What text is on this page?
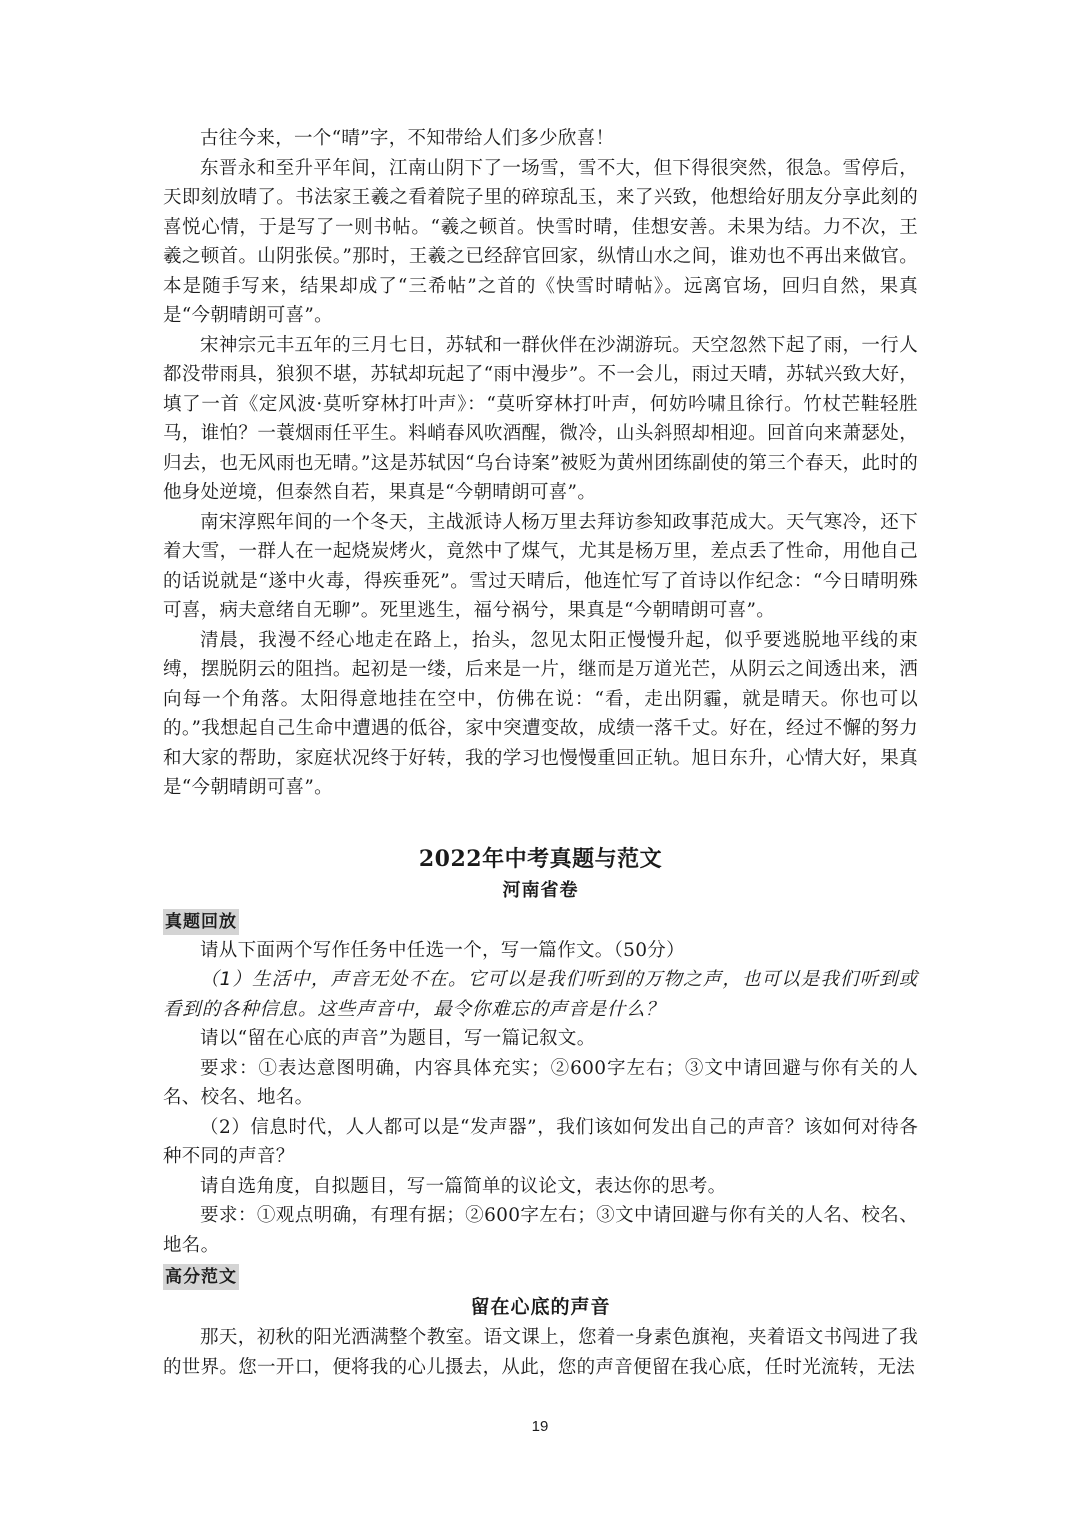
古往今来，一个“晴”字，不知带给人们多少欣喜！

东晋永和至升平年间，江南山阴下了一场雪，雪不大，但下得很突然，很急。雪停后，天即刻放晴了。书法家王羲之看着院子里的碎琼乱玉，来了兴致，他想给好朋友分享此刻的喜悦心情，于是写了一则书帖。“羲之顿首。快雪时晴，佳想安善。未果为结。力不次，王羲之顿首。山阴张侯。”那时，王羲之已经辞官回家，纵情山水之间，谁劝也不再出来做官。本是随手写来，结果却成了“三希帖”之首的《快雪时晴帖》。远离官场，回归自然，果真是“今朝晴朗可喜”。

宋神宗元丰五年的三月七日，苏轼和一群伙伴在沙湖游玩。天空忽然下起了雨，一行人都没带雨具，狼狈不堪，苏轼却玩起了“雨中漫步”。不一会儿，雨过天晴，苏轼兴致大好，填了一首《定风波·莫听穿林打叶声》：“莫听穿林打叶声，何妨吟啸且徐行。竹杖芒鞋轻胜马，谁怕？一蓑烟雨任平生。料峭春风吹酒醒，微冷，山头斜照却相迎。回首向来萧瑟处，归去，也无风雨也无晴。”这是苏轼因“乌台诗案”被贬为黄州团练副使的第三个春天，此时的他身处逆境，但泰然自若，果真是“今朝晴朗可喜”。

南宋淳熙年间的一个冬天，主战派诗人杨万里去拜访参知政事范成大。天气寒冷，还下着大雪，一群人在一起烧炭烤火，竟然中了煤气，尤其是杨万里，差点丢了性命，用他自己的话说就是“遂中火毒，得疾垂死”。雪过天晴后，他连忙写了首诗以作纪念：“今日晴明殊可喜，病夫意绪自无聊”。死里逃生，福兮祸兮，果真是“今朝晴朗可喜”。

清晨，我漫不经心地走在路上，抬头，忽见太阳正慢慢升起，似乎要逃脱地平线的束缚，摆脱阴云的阻挡。起初是一缕，后来是一片，继而是万道光芒，从阴云之间透出来，洒向每一个角落。太阳得意地挂在空中，仿佛在说：“看，走出阴霾，就是晴天。你也可以的。”我想起自己生命中遭遇的低谷，家中突遭变故，成绩一落千丈。好在，经过不懈的努力和大家的帮助，家庭状况终于好转，我的学习也慢慢重回正轨。旭日东升，心情大好，果真是“今朝晴朗可喜”。

2022年中考真题与范文
河南省卷
真题回放

请从下面两个写作任务中任选一个，写一篇作文。（50分）

（1）生活中，声音无处不在。它可以是我们听到的万物之声，也可以是我们听到或看到的各种信息。这些声音中，最令你难忘的声音是什么？

请以“留在心底的声音”为题目，写一篇记叙文。

要求：①表达意图明确，内容具体充实；②600字左右；③文中请回避与你有关的人名、校名、地名。

（2）信息时代，人人都可以是“发声器”，我们该如何发出自己的声音？该如何对待各种不同的声音？

请自选角度，自拟题目，写一篇简单的议论文，表达你的思考。

要求：①观点明确，有理有据；②600字左右；③文中请回避与你有关的人名、校名、地名。

高分范文
留在心底的声音

那天，初秋的阳光洒满整个教室。语文课上，您着一身素色旗袍，夹着语文书闯进了我的世界。您一开口，便将我的心儿摄去，从此，您的声音便留在我心底，任时光流转，无法

19
